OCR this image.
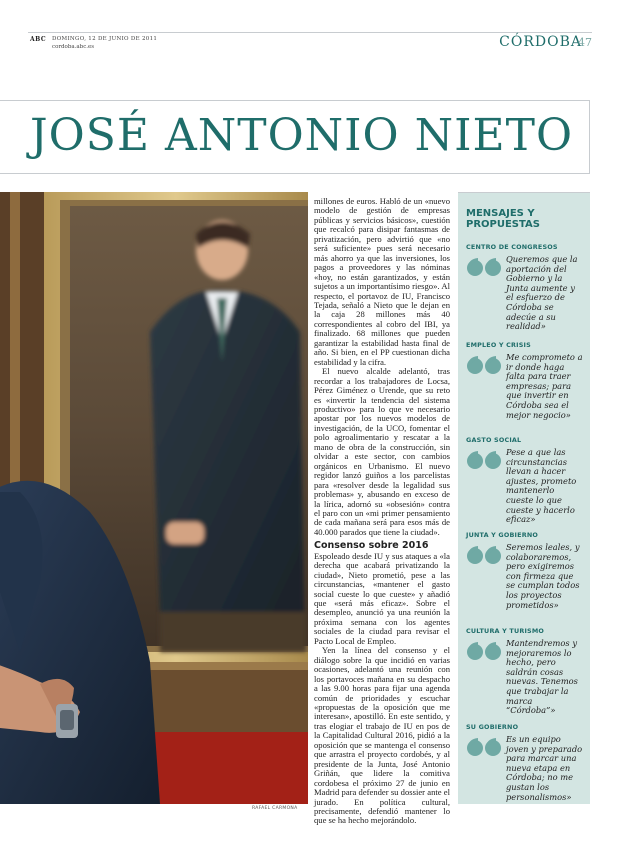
ABC DOMINGO, 12 DE JUNIO DE 2011
cordoba.abc.es	CÓRDOBA
47
JOSÉ ANTONIO NIETO
RAFAEL CARMONA

millones de euros. Habló de un «nuevo modelo de gestión de empresas públicas y servicios básicos», cuestión que recalcó para disipar fantasmas de privatización, pero advirtió que «no será suficiente» pues será necesario más ahorro ya que las inversiones, los pagos a proveedores y las nóminas «hoy, no están garantizados, y están sujetos a un importantísimo riesgo». Al respecto, el portavoz de IU, Francisco Tejada, señaló a Nieto que le dejan en la caja 28 millones más 40 correspondientes al cobro del IBI, ya finalizado. 68 millones que pueden garantizar la estabilidad hasta final de año. Si bien, en el PP cuestionan dicha estabilidad y la cifra.

El nuevo alcalde adelantó, tras recordar a los trabajadores de Locsa, Pérez Giménez o Urende, que su reto es «invertir la tendencia del sistema productivo» para lo que ve necesario apostar por los nuevos modelos de investigación, de la UCO, fomentar el polo agroalimentario y rescatar a la mano de obra de la construcción, sin olvidar a este sector, con cambios orgánicos en Urbanismo. El nuevo regidor lanzó guiños a los parcelistas para «resolver desde la legalidad sus problemas» y, abusando en exceso de la lírica, adornó su «obsesión» contra el paro con un «mi primer pensamiento de cada mañana será para esos más de 40.000 parados que tiene la ciudad».

Consenso sobre 2016

Espoleado desde IU y sus ataques a «la derecha que acabará privatizando la ciudad», Nieto prometió, pese a las circunstancias, «mantener el gasto social cueste lo que cueste» y añadió que «será más eficaz». Sobre el desempleo, anunció ya una reunión la próxima semana con los agentes sociales de la ciudad para revisar el Pacto Local de Empleo.

Yen la línea del consenso y el diálogo sobre la que incidió en varias ocasiones, adelantó una reunión con los portavoces mañana en su despacho a las 9.00 horas para fijar una agenda común de prioridades y escuchar «propuestas de la oposición que me interesan», apostilló. En este sentido, y tras elogiar el trabajo de IU en pos de la Capitalidad Cultural 2016, pidió a la oposición que se mantenga el consenso que arrastra el proyecto cordobés, y al presidente de la Junta, José Antonio Griñán, que lidere la comitiva cordobesa el próximo 27 de junio en Madrid para defender su dossier ante el jurado. En política cultural, precisamente, defendió mantener lo que se ha hecho mejorándolo.

MENSAJES Y
PROPUESTAS
CENTRO DE CONGRESOS
Queremos que la aportación del Gobierno y la Junta aumente y el esfuerzo de Córdoba se adecúe a su realidad»
EMPLEO Y CRISIS
Me comprometo a ir donde haga falta para traer empresas; para que invertir en Córdoba sea el mejor negocio»
GASTO SOCIAL
Pese a que las circunstancias llevan a hacer ajustes, prometo mantenerlo cueste lo que cueste y hacerlo eficaz»
JUNTA Y GOBIERNO
Seremos leales, y colaboraremos, pero exigiremos con firmeza que se cumplan todos los proyectos prometidos»
CULTURA Y TURISMO
Mantendremos y mejoraremos lo hecho, pero saldrán cosas nuevas. Tenemos que trabajar la marca “Córdoba”»
SU GOBIERNO
Es un equipo joven y preparado para marcar una nueva etapa en Córdoba; no me gustan los personalismos»
